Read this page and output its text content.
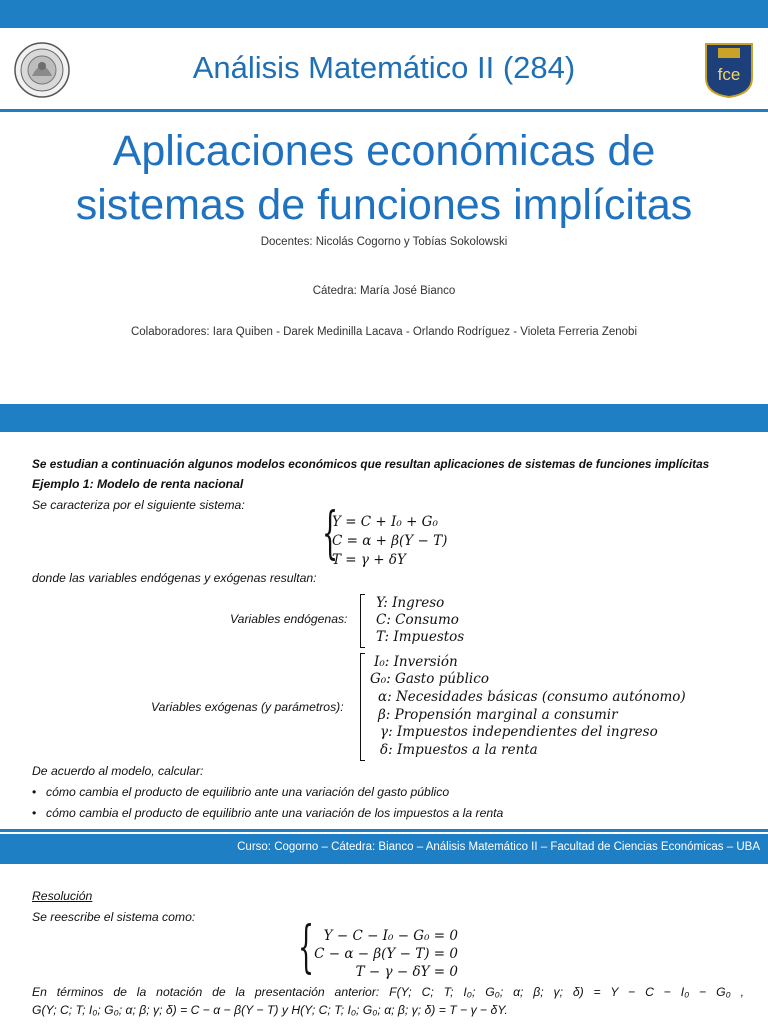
Análisis Matemático II (284)	fce
Aplicaciones económicas de
sistemas de funciones implícitas
Docentes: Nicolás Cogorno y Tobías Sokolowski
Cátedra: María José Bianco
Colaboradores: Iara Quiben - Darek Medinilla Lacava - Orlando Rodríguez - Violeta Ferreria Zenobi
Se estudian a continuación algunos modelos económicos que resultan aplicaciones de sistemas de funciones implícitas
Ejemplo 1: Modelo de renta nacional
Se caracteriza por el siguiente sistema: {
Y = C + I₀ + G₀
C = α + β(Y − T)
T = γ + δY
donde las variables endógenas y exógenas resultan:
Variables endógenas:
Y: Ingreso
C: Consumo
T: Impuestos
Variables exógenas (y parámetros):
I₀: Inversión
G₀: Gasto público
α: Necesidades básicas (consumo autónomo)
β: Propensión marginal a consumir
γ: Impuestos independientes del ingreso
δ: Impuestos a la renta
De acuerdo al modelo, calcular:
• cómo cambia el producto de equilibrio ante una variación del gasto público
• cómo cambia el producto de equilibrio ante una variación de los impuestos a la renta
Curso: Cogorno – Cátedra: Bianco – Análisis Matemático II – Facultad de Ciencias Económicas – UBA
Resolución
Se reescribe el sistema como: { Y − C − I₀ − G₀ = 0
C − α − β(Y − T) = 0
T − γ − δY = 0
En términos de la notación de la presentación anterior: F(Y; C; T; I₀; G₀; α; β; γ; δ) = Y − C − I₀ − G₀ ,
G(Y; C; T; I₀; G₀; α; β; γ; δ) = C − α − β(Y − T) y H(Y; C; T; I₀; G₀; α; β; γ; δ) = T − γ − δY.
